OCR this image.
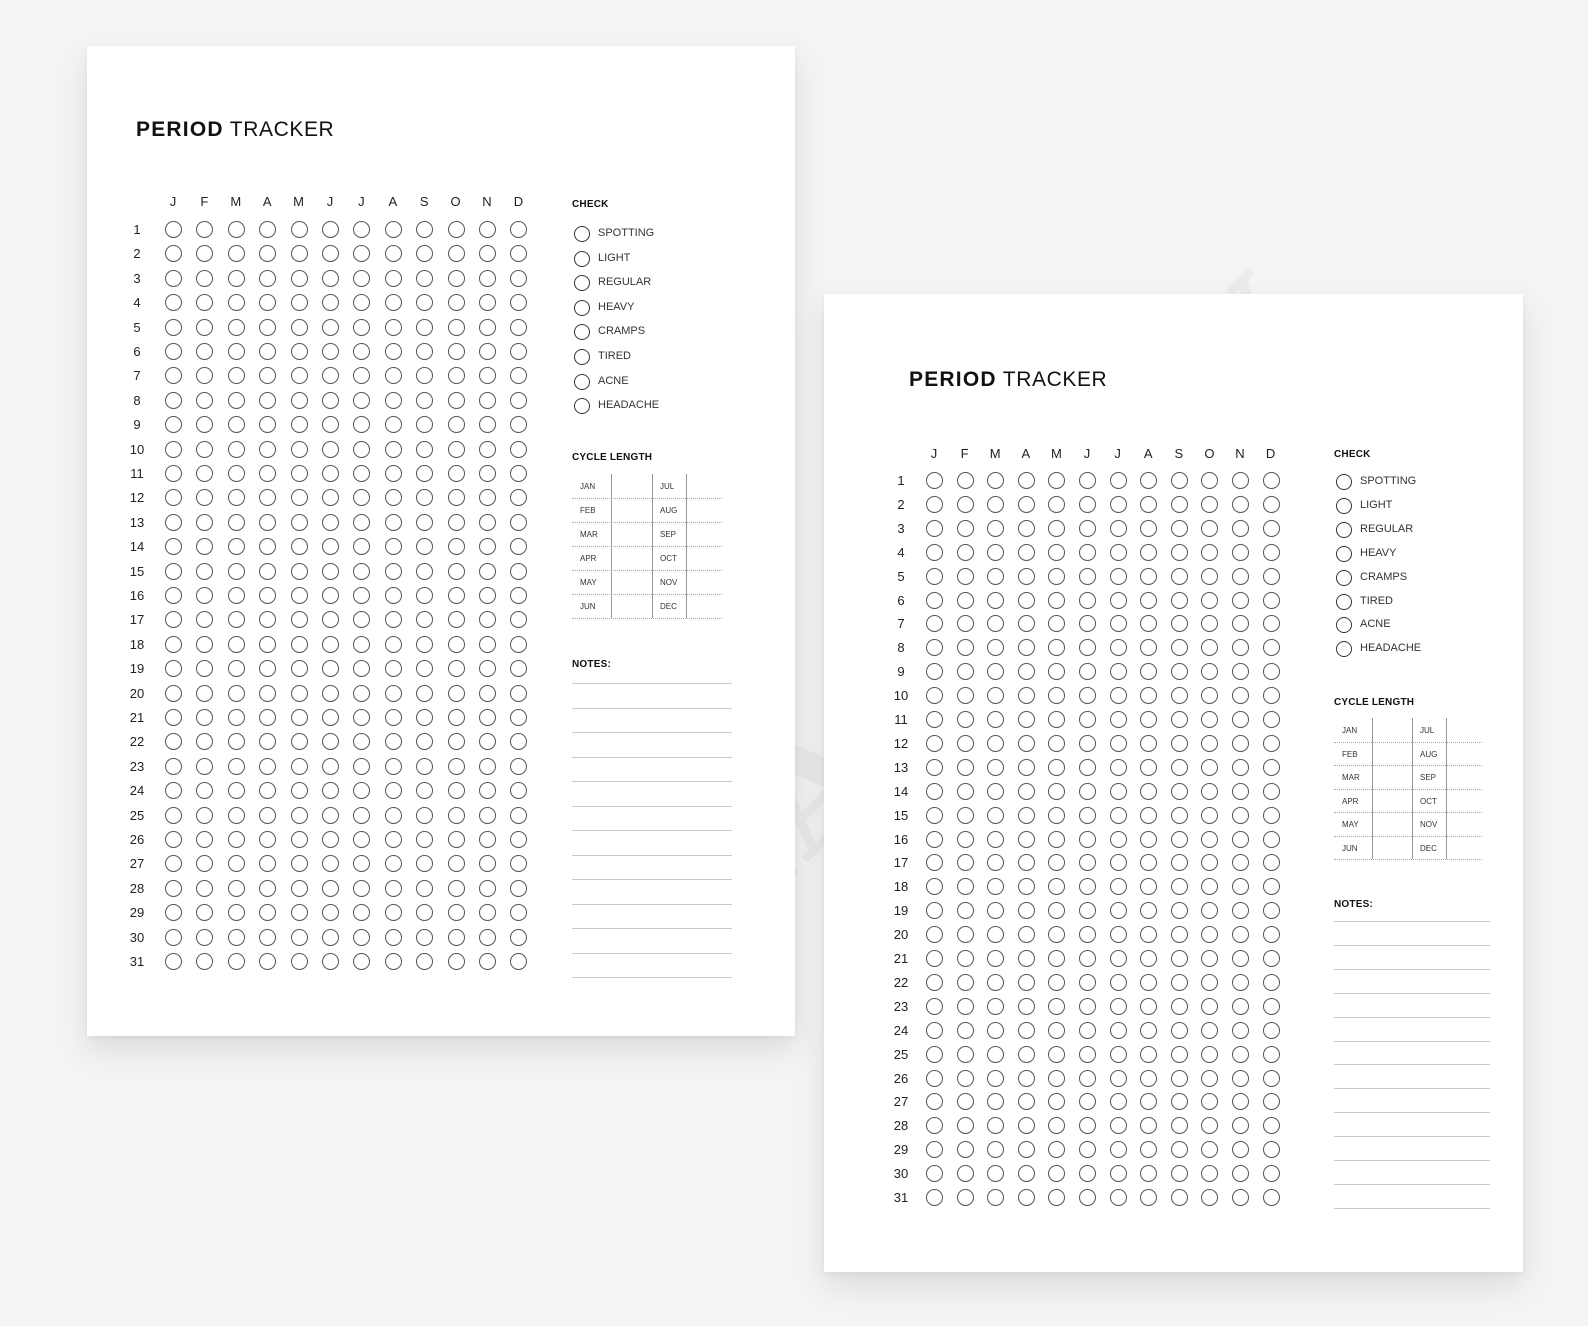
PERIOD TRACKER
J	F	M	A	M	J	J	A	S	O	N	D
1
2
3
4
5
6
7
8
9
10
11
12
13
14
15
16
17
18
19
20
21
22
23
24
25
26
27
28
29
30
31
CHECK
SPOTTING
LIGHT
REGULAR
HEAVY
CRAMPS
TIRED
ACNE
HEADACHE
CYCLE LENGTH
JAN	JUL
FEB	AUG
MAR	SEP
APR	OCT
MAY	NOV
JUN	DEC
NOTES:
PERIOD TRACKER
J	F	M	A	M	J	J	A	S	O	N	D
1
2
3
4
5
6
7
8
9
10
11
12
13
14
15
16
17
18
19
20
21
22
23
24
25
26
27
28
29
30
31
CHECK
SPOTTING
LIGHT
REGULAR
HEAVY
CRAMPS
TIRED
ACNE
HEADACHE
CYCLE LENGTH
JAN	JUL
FEB	AUG
MAR	SEP
APR	OCT
MAY	NOV
JUN	DEC
NOTES:
